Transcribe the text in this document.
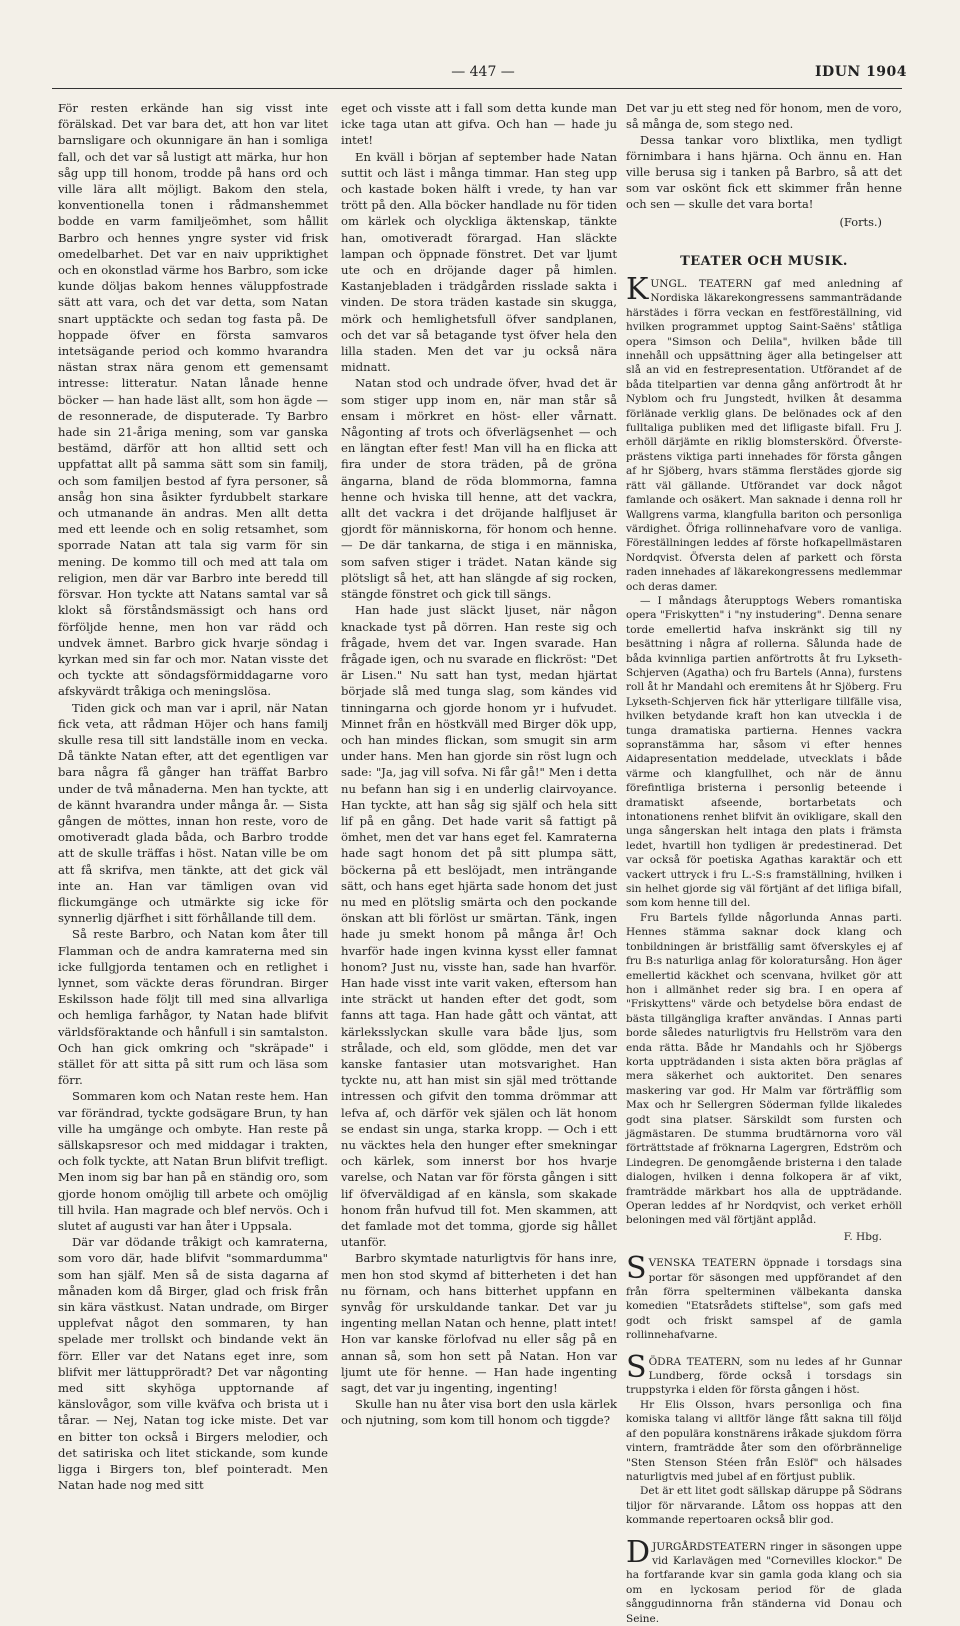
— 447 —	IDUN 1904

För resten erkände han sig visst inte förälskad. Det var bara det, att hon var litet barnsligare och okunnigare än han i somliga fall, och det var så lustigt att märka, hur hon såg upp till honom, trodde på hans ord och ville lära allt möjligt. Bakom den stela, konventionella tonen i rådmanshemmet bodde en varm familjeömhet, som hållit Barbro och hennes yngre syster vid frisk omedelbarhet. Det var en naiv uppriktighet och en okonstlad värme hos Barbro, som icke kunde döljas bakom hennes väluppfostrade sätt att vara, och det var detta, som Natan snart upptäckte och sedan tog fasta på. De hoppade öfver en första samvaros intetsägande period och kommo hvarandra nästan strax nära genom ett gemensamt intresse: litteratur. Natan lånade henne böcker — han hade läst allt, som hon ägde — de resonnerade, de disputerade. Ty Barbro hade sin 21-åriga mening, som var ganska bestämd, därför att hon alltid sett och uppfattat allt på samma sätt som sin familj, och som familjen bestod af fyra personer, så ansåg hon sina åsikter fyrdubbelt starkare och utmanande än andras. Men allt detta med ett leende och en solig retsamhet, som sporrade Natan att tala sig varm för sin mening. De kommo till och med att tala om religion, men där var Barbro inte beredd till försvar. Hon tyckte att Natans samtal var så klokt så förståndsmässigt och hans ord förföljde henne, men hon var rädd och undvek ämnet. Barbro gick hvarje söndag i kyrkan med sin far och mor. Natan visste det och tyckte att söndagsförmiddagarne voro afskyvärdt tråkiga och meningslösa.

Tiden gick och man var i april, när Natan fick veta, att rådman Höjer och hans familj skulle resa till sitt landställe inom en vecka. Då tänkte Natan efter, att det egentligen var bara några få gånger han träffat Barbro under de två månaderna. Men han tyckte, att de kännt hvarandra under många år. — Sista gången de möttes, innan hon reste, voro de omotiveradt glada båda, och Barbro trodde att de skulle träffas i höst. Natan ville be om att få skrifva, men tänkte, att det gick väl inte an. Han var tämligen ovan vid flickumgänge och utmärkte sig icke för synnerlig djärfhet i sitt förhållande till dem.

Så reste Barbro, och Natan kom åter till Flamman och de andra kamraterna med sin icke fullgjorda tentamen och en retlighet i lynnet, som väckte deras förundran. Birger Eskilsson hade följt till med sina allvarliga och hemliga farhågor, ty Natan hade blifvit världsföraktande och hånfull i sin samtalston. Och han gick omkring och "skräpade" i stället för att sitta på sitt rum och läsa som förr.

Sommaren kom och Natan reste hem. Han var förändrad, tyckte godsägare Brun, ty han ville ha umgänge och ombyte. Han reste på sällskapsresor och med middagar i trakten, och folk tyckte, att Natan Brun blifvit trefligt. Men inom sig bar han på en ständig oro, som gjorde honom omöjlig till arbete och omöjlig till hvila. Han magrade och blef nervös. Och i slutet af augusti var han åter i Uppsala.

Där var dödande tråkigt och kamraterna, som voro där, hade blifvit "sommardumma" som han själf. Men så de sista dagarna af månaden kom då Birger, glad och frisk från sin kära västkust. Natan undrade, om Birger upplefvat något den sommaren, ty han spelade mer trollskt och bindande vekt än förr. Eller var det Natans eget inre, som blifvit mer lättuppröradt? Det var någonting med sitt skyhöga upptornande af känslovågor, som ville kväfva och brista ut i tårar. — Nej, Natan tog icke miste. Det var en bitter ton också i Birgers melodier, och det satiriska och litet stickande, som kunde ligga i Birgers ton, blef pointeradt. Men Natan hade nog med sitt

eget och visste att i fall som detta kunde man icke taga utan att gifva. Och han — hade ju intet!

En kväll i början af september hade Natan suttit och läst i många timmar. Han steg upp och kastade boken hälft i vrede, ty han var trött på den. Alla böcker handlade nu för tiden om kärlek och olyckliga äktenskap, tänkte han, omotiveradt förargad. Han släckte lampan och öppnade fönstret. Det var ljumt ute och en dröjande dager på himlen. Kastanjebladen i trädgården risslade sakta i vinden. De stora träden kastade sin skugga, mörk och hemlighetsfull öfver sandplanen, och det var så betagande tyst öfver hela den lilla staden. Men det var ju också nära midnatt.

Natan stod och undrade öfver, hvad det är som stiger upp inom en, när man står så ensam i mörkret en höst- eller vårnatt. Någonting af trots och öfverlägsenhet — och en längtan efter fest! Man vill ha en flicka att fira under de stora träden, på de gröna ängarna, bland de röda blommorna, famna henne och hviska till henne, att det vackra, allt det vackra i det dröjande halfljuset är gjordt för människorna, för honom och henne. — De där tankarna, de stiga i en människa, som safven stiger i trädet. Natan kände sig plötsligt så het, att han slängde af sig rocken, stängde fönstret och gick till sängs.

Han hade just släckt ljuset, när någon knackade tyst på dörren. Han reste sig och frågade, hvem det var. Ingen svarade. Han frågade igen, och nu svarade en flickröst: "Det är Lisen." Nu satt han tyst, medan hjärtat började slå med tunga slag, som kändes vid tinningarna och gjorde honom yr i hufvudet. Minnet från en höstkväll med Birger dök upp, och han mindes flickan, som smugit sin arm under hans. Men han gjorde sin röst lugn och sade: "Ja, jag vill sofva. Ni får gå!" Men i detta nu befann han sig i en underlig clairvoyance. Han tyckte, att han såg sig själf och hela sitt lif på en gång. Det hade varit så fattigt på ömhet, men det var hans eget fel. Kamraterna hade sagt honom det på sitt plumpa sätt, böckerna på ett beslöjadt, men inträngande sätt, och hans eget hjärta sade honom det just nu med en plötslig smärta och den pockande önskan att bli förlöst ur smärtan. Tänk, ingen hade ju smekt honom på många år! Och hvarför hade ingen kvinna kysst eller famnat honom? Just nu, visste han, sade han hvarför. Han hade visst inte varit vaken, eftersom han inte sträckt ut handen efter det godt, som fanns att taga. Han hade gått och väntat, att kärleksslyckan skulle vara både ljus, som strålade, och eld, som glödde, men det var kanske fantasier utan motsvarighet. Han tyckte nu, att han mist sin själ med tröttande intressen och gifvit den tomma drömmar att lefva af, och därför vek själen och lät honom se endast sin unga, starka kropp. — Och i ett nu väcktes hela den hunger efter smekningar och kärlek, som innerst bor hos hvarje varelse, och Natan var för första gången i sitt lif öfverväldigad af en känsla, som skakade honom från hufvud till fot. Men skammen, att det famlade mot det tomma, gjorde sig hållet utanför.

Barbro skymtade naturligtvis för hans inre, men hon stod skymd af bitterheten i det han nu förnam, och hans bitterhet uppfann en synvåg för urskuldande tankar. Det var ju ingenting mellan Natan och henne, platt intet! Hon var kanske förlofvad nu eller såg på en annan så, som hon sett på Natan. Hon var ljumt ute för henne. — Han hade ingenting sagt, det var ju ingenting, ingenting!

Skulle han nu åter visa bort den usla kärlek och njutning, som kom till honom och tiggde?

Det var ju ett steg ned för honom, men de voro, så många de, som stego ned.

Dessa tankar voro blixtlika, men tydligt förnimbara i hans hjärna. Och ännu en. Han ville berusa sig i tanken på Barbro, så att det som var oskönt fick ett skimmer från henne och sen — skulle det vara borta!

(Forts.)

TEATER OCH MUSIK.

KUNGL. TEATERN gaf med anledning af Nordiska läkarekongressens sammanträdande härstädes i förra veckan en festföreställning, vid hvilken programmet upptog Saint-Saëns' ståtliga opera "Simson och Delila", hvilken både till innehåll och uppsättning äger alla betingelser att slå an vid en festrepresentation. Utförandet af de båda titelpartien var denna gång anförtrodt åt hr Nyblom och fru Jungstedt, hvilken åt desamma förlänade verklig glans. De belönades ock af den fulltaliga publiken med det lifligaste bifall. Fru J. erhöll därjämte en riklig blomsterskörd. Öfverste-prästens viktiga parti innehades för första gången af hr Sjöberg, hvars stämma flerstädes gjorde sig rätt väl gällande. Utförandet var dock något famlande och osäkert. Man saknade i denna roll hr Wallgrens varma, klangfulla bariton och personliga värdighet. Öfriga rollinnehafvare voro de vanliga. Föreställningen leddes af förste hofkapellmästaren Nordqvist. Öfversta delen af parkett och första raden innehades af läkarekongressens medlemmar och deras damer.

— I måndags återupptogs Webers romantiska opera "Friskytten" i "ny instudering". Denna senare torde emellertid hafva inskränkt sig till ny besättning i några af rollerna. Sålunda hade de båda kvinnliga partien anförtrotts åt fru Lykseth-Schjerven (Agatha) och fru Bartels (Anna), furstens roll åt hr Mandahl och eremitens åt hr Sjöberg. Fru Lykseth-Schjerven fick här ytterligare tillfälle visa, hvilken betydande kraft hon kan utveckla i de tunga dramatiska partierna. Hennes vackra sopranstämma har, såsom vi efter hennes Aidapresentation meddelade, utvecklats i både värme och klangfullhet, och när de ännu förefintliga bristerna i personlig beteende i dramatiskt afseende, bortarbetats och intonationens renhet blifvit än ovikligare, skall den unga sångerskan helt intaga den plats i främsta ledet, hvartill hon tydligen är predestinerad. Det var också för poetiska Agathas karaktär och ett vackert uttryck i fru L.-S:s framställning, hvilken i sin helhet gjorde sig väl förtjänt af det lifliga bifall, som kom henne till del.

Fru Bartels fyllde någorlunda Annas parti. Hennes stämma saknar dock klang och tonbildningen är bristfällig samt öfverskyles ej af fru B:s naturliga anlag för koloratursång. Hon äger emellertid käckhet och scenvana, hvilket gör att hon i allmänhet reder sig bra. I en opera af "Friskyttens" värde och betydelse böra endast de bästa tillgängliga krafter användas. I Annas parti borde således naturligtvis fru Hellström vara den enda rätta. Både hr Mandahls och hr Sjöbergs korta uppträdanden i sista akten böra präglas af mera säkerhet och auktoritet. Den senares maskering var god. Hr Malm var förträfflig som Max och hr Sellergren Söderman fyllde likaledes godt sina platser. Särskildt som fursten och jägmästaren. De stumma brudtärnorna voro väl förträttstade af fröknarna Lagergren, Edström och Lindegren. De genomgående bristerna i den talade dialogen, hvilken i denna folkopera är af vikt, framträdde märkbart hos alla de uppträdande. Operan leddes af hr Nordqvist, och verket erhöll beloningen med väl förtjänt applåd.

F. Hbg.

SVENSKA TEATERN öppnade i torsdags sina portar för säsongen med uppförandet af den från förra spelterminen välbekanta danska komedien "Etatsrådets stiftelse", som gafs med godt och friskt samspel af de gamla rollinnehafvarne.

SÖDRA TEATERN, som nu ledes af hr Gunnar Lundberg, förde också i torsdags sin truppstyrka i elden för första gången i höst.

Hr Elis Olsson, hvars personliga och fina komiska talang vi alltför länge fått sakna till följd af den populära konstnärens iråkade sjukdom förra vintern, framträdde åter som den oförbrännelige "Sten Stenson Stéen från Eslöf" och hälsades naturligtvis med jubel af en förtjust publik.

Det är ett litet godt sällskap däruppe på Södrans tiljor för närvarande. Låtom oss hoppas att den kommande repertoaren också blir god.

DJURGÅRDSTEATERN ringer in säsongen uppe vid Karlavägen med "Cornevilles klockor." De ha fortfarande kvar sin gamla goda klang och sia om en lyckosam period för de glada sånggudinnorna från ständerna vid Donau och Seine.
